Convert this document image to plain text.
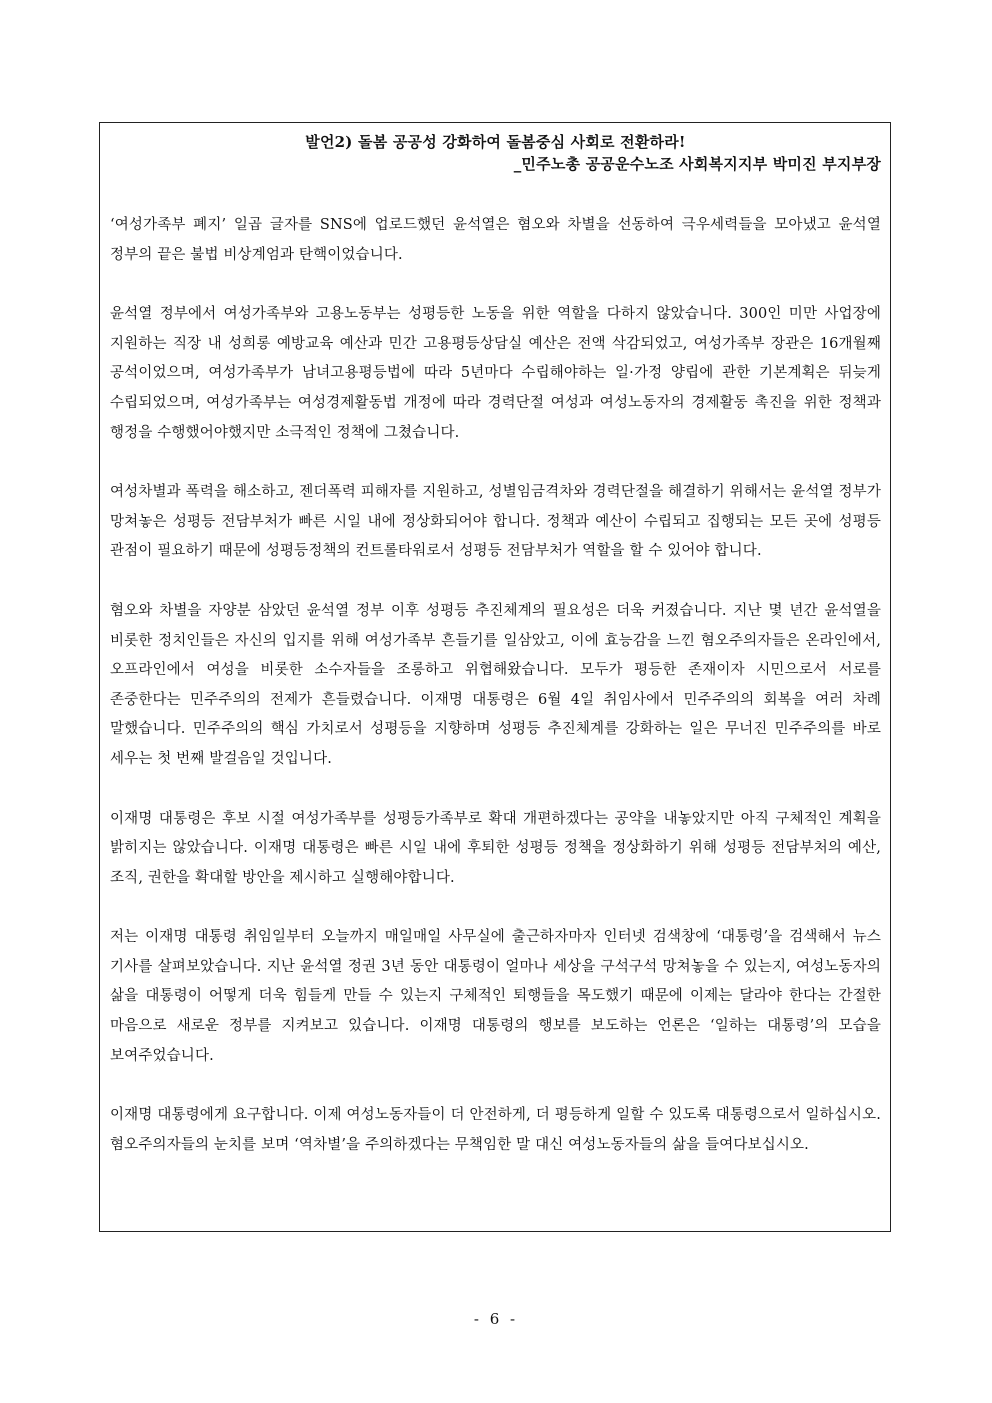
발언2) 돌봄 공공성 강화하여 돌봄중심 사회로 전환하라!

_민주노총 공공운수노조 사회복지지부 박미진 부지부장

‘여성가족부 폐지’ 일곱 글자를 SNS에 업로드했던 윤석열은 혐오와 차별을 선동하여 극우세력들을 모아냈고 윤석열 정부의 끝은 불법 비상계엄과 탄핵이었습니다.

윤석열 정부에서 여성가족부와 고용노동부는 성평등한 노동을 위한 역할을 다하지 않았습니다. 300인 미만 사업장에 지원하는 직장 내 성희롱 예방교육 예산과 민간 고용평등상담실 예산은 전액 삭감되었고, 여성가족부 장관은 16개월째 공석이었으며, 여성가족부가 남녀고용평등법에 따라 5년마다 수립해야하는 일·가정 양립에 관한 기본계획은 뒤늦게 수립되었으며, 여성가족부는 여성경제활동법 개정에 따라 경력단절 여성과 여성노동자의 경제활동 촉진을 위한 정책과 행정을 수행했어야했지만 소극적인 정책에 그쳤습니다.

여성차별과 폭력을 해소하고, 젠더폭력 피해자를 지원하고, 성별임금격차와 경력단절을 해결하기 위해서는 윤석열 정부가 망쳐놓은 성평등 전담부처가 빠른 시일 내에 정상화되어야 합니다. 정책과 예산이 수립되고 집행되는 모든 곳에 성평등 관점이 필요하기 때문에 성평등정책의 컨트롤타워로서 성평등 전담부처가 역할을 할 수 있어야 합니다.

혐오와 차별을 자양분 삼았던 윤석열 정부 이후 성평등 추진체계의 필요성은 더욱 커졌습니다. 지난 몇 년간 윤석열을 비롯한 정치인들은 자신의 입지를 위해 여성가족부 흔들기를 일삼았고, 이에 효능감을 느낀 혐오주의자들은 온라인에서, 오프라인에서 여성을 비롯한 소수자들을 조롱하고 위협해왔습니다. 모두가 평등한 존재이자 시민으로서 서로를 존중한다는 민주주의의 전제가 흔들렸습니다. 이재명 대통령은 6월 4일 취임사에서 민주주의의 회복을 여러 차례 말했습니다. 민주주의의 핵심 가치로서 성평등을 지향하며 성평등 추진체계를 강화하는 일은 무너진 민주주의를 바로 세우는 첫 번째 발걸음일 것입니다.

이재명 대통령은 후보 시절 여성가족부를 성평등가족부로 확대 개편하겠다는 공약을 내놓았지만 아직 구체적인 계획을 밝히지는 않았습니다. 이재명 대통령은 빠른 시일 내에 후퇴한 성평등 정책을 정상화하기 위해 성평등 전담부처의 예산, 조직, 권한을 확대할 방안을 제시하고 실행해야합니다.

저는 이재명 대통령 취임일부터 오늘까지 매일매일 사무실에 출근하자마자 인터넷 검색창에 ‘대통령’을 검색해서 뉴스 기사를 살펴보았습니다. 지난 윤석열 정권 3년 동안 대통령이 얼마나 세상을 구석구석 망쳐놓을 수 있는지, 여성노동자의 삶을 대통령이 어떻게 더욱 힘들게 만들 수 있는지 구체적인 퇴행들을 목도했기 때문에 이제는 달라야 한다는 간절한 마음으로 새로운 정부를 지켜보고 있습니다. 이재명 대통령의 행보를 보도하는 언론은 ‘일하는 대통령’의 모습을 보여주었습니다.

이재명 대통령에게 요구합니다. 이제 여성노동자들이 더 안전하게, 더 평등하게 일할 수 있도록 대통령으로서 일하십시오. 혐오주의자들의 눈치를 보며 ‘역차별’을 주의하겠다는 무책임한 말 대신 여성노동자들의 삶을 들여다보십시오.

- 6 -
